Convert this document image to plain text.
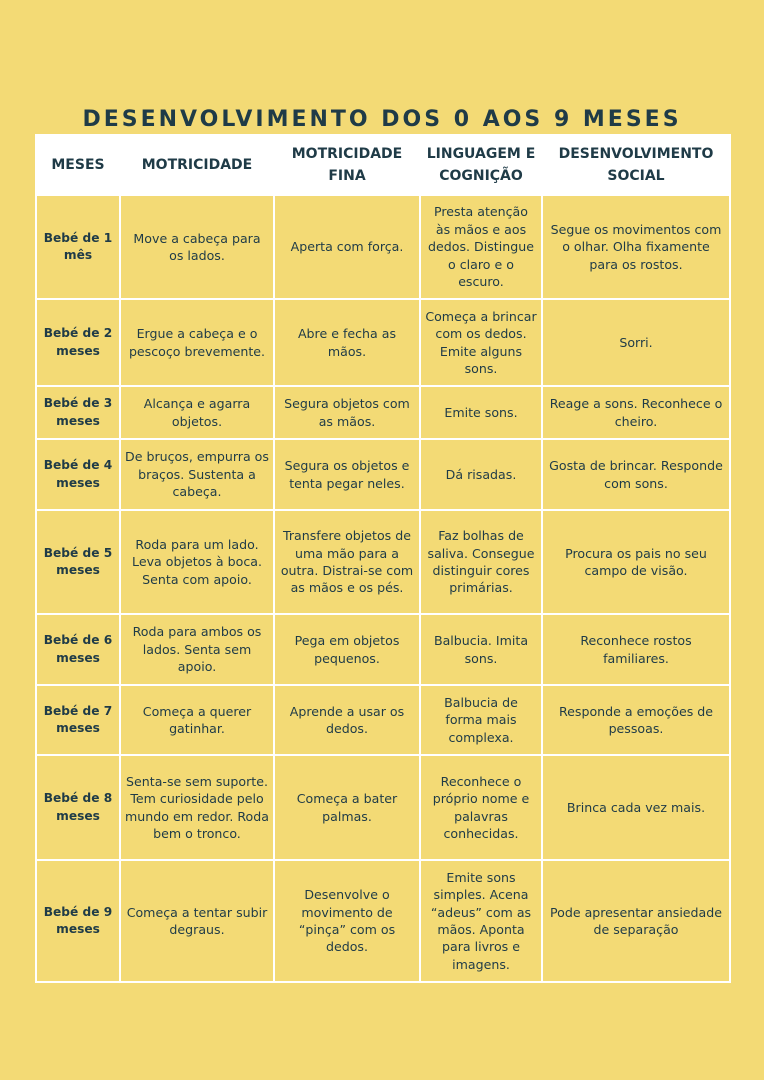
DESENVOLVIMENTO DOS 0 AOS 9 MESES
MESES	MOTRICIDADE	MOTRICIDADE FINA	LINGUAGEM E COGNIÇÃO	DESENVOLVIMENTO SOCIAL
Bebé de 1 mês	Move a cabeça para os lados.	Aperta com força.	Presta atenção às mãos e aos dedos. Distingue o claro e o escuro.	Segue os movimentos com o olhar. Olha fixamente para os rostos.
Bebé de 2 meses	Ergue a cabeça e o pescoço brevemente.	Abre e fecha as mãos.	Começa a brincar com os dedos. Emite alguns sons.	Sorri.
Bebé de 3 meses	Alcança e agarra objetos.	Segura objetos com as mãos.	Emite sons.	Reage a sons. Reconhece o cheiro.
Bebé de 4 meses	De bruços, empurra os braços. Sustenta a cabeça.	Segura os objetos e tenta pegar neles.	Dá risadas.	Gosta de brincar. Responde com sons.
Bebé de 5 meses	Roda para um lado. Leva objetos à boca. Senta com apoio.	Transfere objetos de uma mão para a outra. Distrai-se com as mãos e os pés.	Faz bolhas de saliva. Consegue distinguir cores primárias.	Procura os pais no seu campo de visão.
Bebé de 6 meses	Roda para ambos os lados. Senta sem apoio.	Pega em objetos pequenos.	Balbucia. Imita sons.	Reconhece rostos familiares.
Bebé de 7 meses	Começa a querer gatinhar.	Aprende a usar os dedos.	Balbucia de forma mais complexa.	Responde a emoções de pessoas.
Bebé de 8 meses	Senta-se sem suporte. Tem curiosidade pelo mundo em redor. Roda bem o tronco.	Começa a bater palmas.	Reconhece o próprio nome e palavras conhecidas.	Brinca cada vez mais.
Bebé de 9 meses	Começa a tentar subir degraus.	Desenvolve o movimento de “pinça” com os dedos.	Emite sons simples. Acena “adeus” com as mãos. Aponta para livros e imagens.	Pode apresentar ansiedade de separação
